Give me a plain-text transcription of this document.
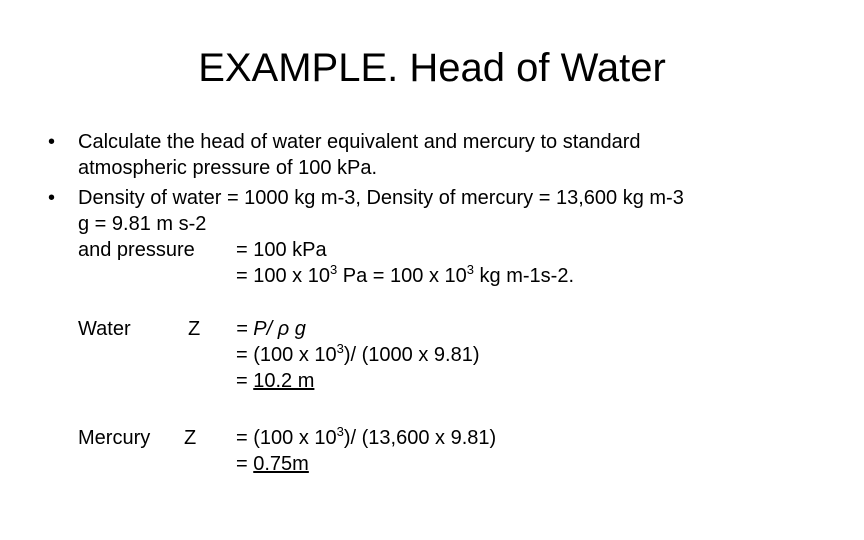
EXAMPLE. Head of Water
• Calculate the head of water equivalent and mercury to standard
atmospheric pressure of 100 kPa.
• Density of water = 1000 kg m-3, Density of mercury = 13,600 kg m-3
g = 9.81 m s-2
and pressure = 100 kPa
= 100 x $10^3$ Pa = 100 x $10^3$ kg m-1s-2.
Water	Z = P/ ρ g
= (100 x $10^3)/$ (1000 x 9.81)
= 10.2 m
Mercury Z = (100 x $10^3)/$ (13,600 x 9.81)
= 0.75m
